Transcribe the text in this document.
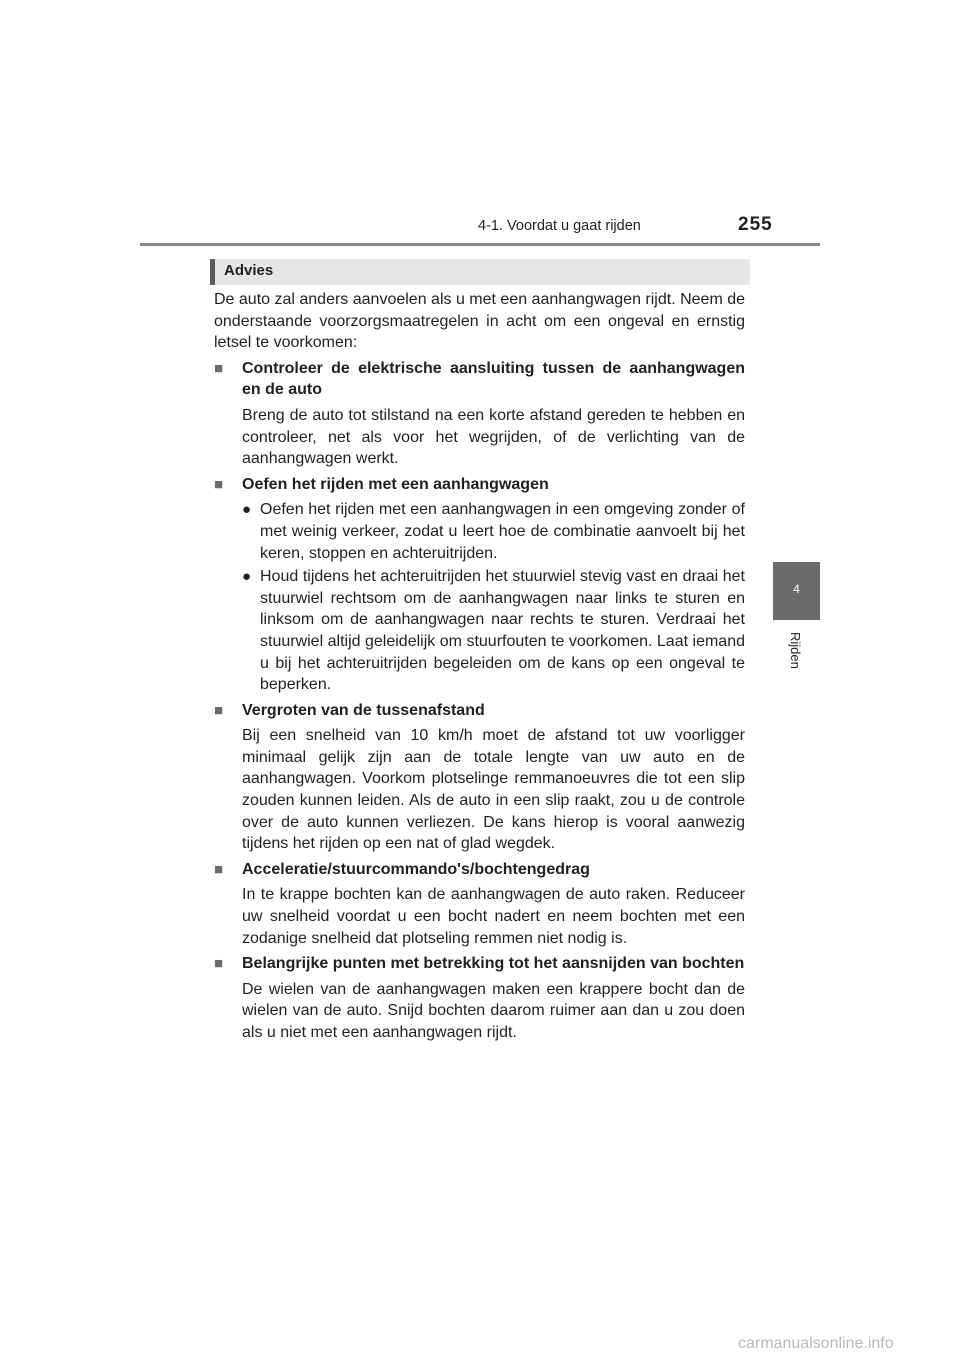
4-1. Voordat u gaat rijden	255
4
Rijden
Advies

De auto zal anders aanvoelen als u met een aanhangwagen rijdt. Neem de onderstaande voorzorgsmaatregelen in acht om een ongeval en ernstig letsel te voorkomen:

■	Controleer de elektrische aansluiting tussen de aanhangwagen en de auto

Breng de auto tot stilstand na een korte afstand gereden te hebben en controleer, net als voor het wegrijden, of de verlichting van de aanhangwagen werkt.

■	Oefen het rijden met een aanhangwagen
● Oefen het rijden met een aanhangwagen in een omgeving zonder of met weinig verkeer, zodat u leert hoe de combinatie aanvoelt bij het keren, stoppen en achteruitrijden.
● Houd tijdens het achteruitrijden het stuurwiel stevig vast en draai het stuurwiel rechtsom om de aanhangwagen naar links te sturen en linksom om de aanhangwagen naar rechts te sturen. Verdraai het stuurwiel altijd geleidelijk om stuurfouten te voorkomen. Laat iemand u bij het achteruitrijden begeleiden om de kans op een ongeval te beperken.
■	Vergroten van de tussenafstand

Bij een snelheid van 10 km/h moet de afstand tot uw voorligger minimaal gelijk zijn aan de totale lengte van uw auto en de aanhangwagen. Voorkom plotselinge remmanoeuvres die tot een slip zouden kunnen leiden. Als de auto in een slip raakt, zou u de controle over de auto kunnen verliezen. De kans hierop is vooral aanwezig tijdens het rijden op een nat of glad wegdek.

■	Acceleratie/stuurcommando's/bochtengedrag

In te krappe bochten kan de aanhangwagen de auto raken. Reduceer uw snelheid voordat u een bocht nadert en neem bochten met een zodanige snelheid dat plotseling remmen niet nodig is.

■	Belangrijke punten met betrekking tot het aansnijden van bochten

De wielen van de aanhangwagen maken een krappere bocht dan de wielen van de auto. Snijd bochten daarom ruimer aan dan u zou doen als u niet met een aanhangwagen rijdt.

carmanualsonline.info
